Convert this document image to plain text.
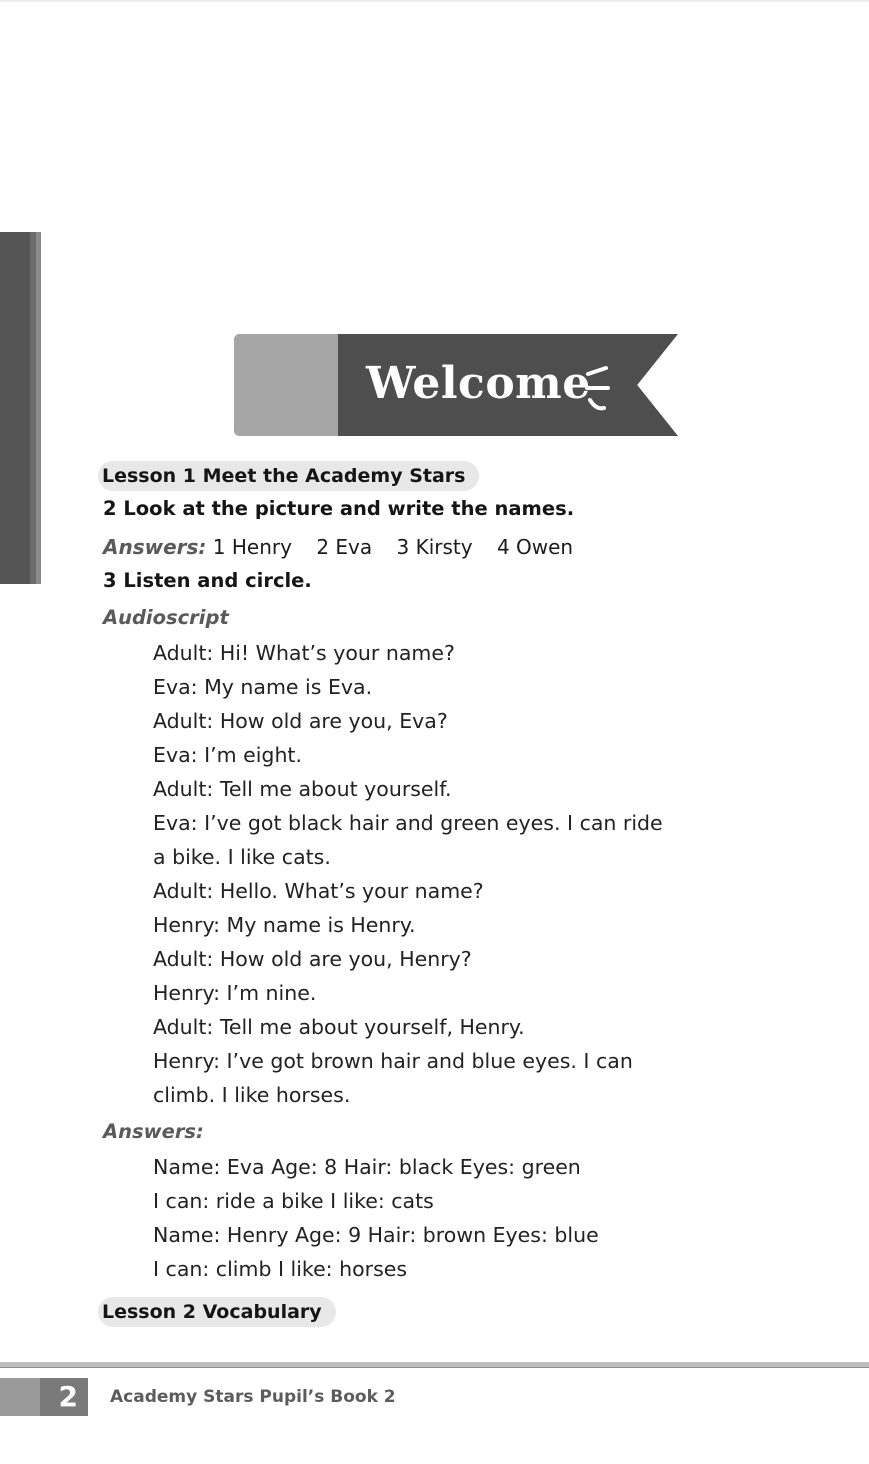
Welcome
Lesson 1 Meet the Academy Stars
2 Look at the picture and write the names.
Answers: 1 Henry 2 Eva 3 Kirsty 4 Owen
3 Listen and circle.
Audioscript
Adult: Hi! What’s your name?
Eva: My name is Eva.
Adult: How old are you, Eva?
Eva: I’m eight.
Adult: Tell me about yourself.
Eva: I’ve got black hair and green eyes. I can ride
a bike. I like cats.
Adult: Hello. What’s your name?
Henry: My name is Henry.
Adult: How old are you, Henry?
Henry: I’m nine.
Adult: Tell me about yourself, Henry.
Henry: I’ve got brown hair and blue eyes. I can
climb. I like horses.
Answers:
Name: Eva Age: 8 Hair: black Eyes: green
I can: ride a bike I like: cats
Name: Henry Age: 9 Hair: brown Eyes: blue
I can: climb I like: horses
Lesson 2 Vocabulary
2 Academy Stars Pupil’s Book 2
